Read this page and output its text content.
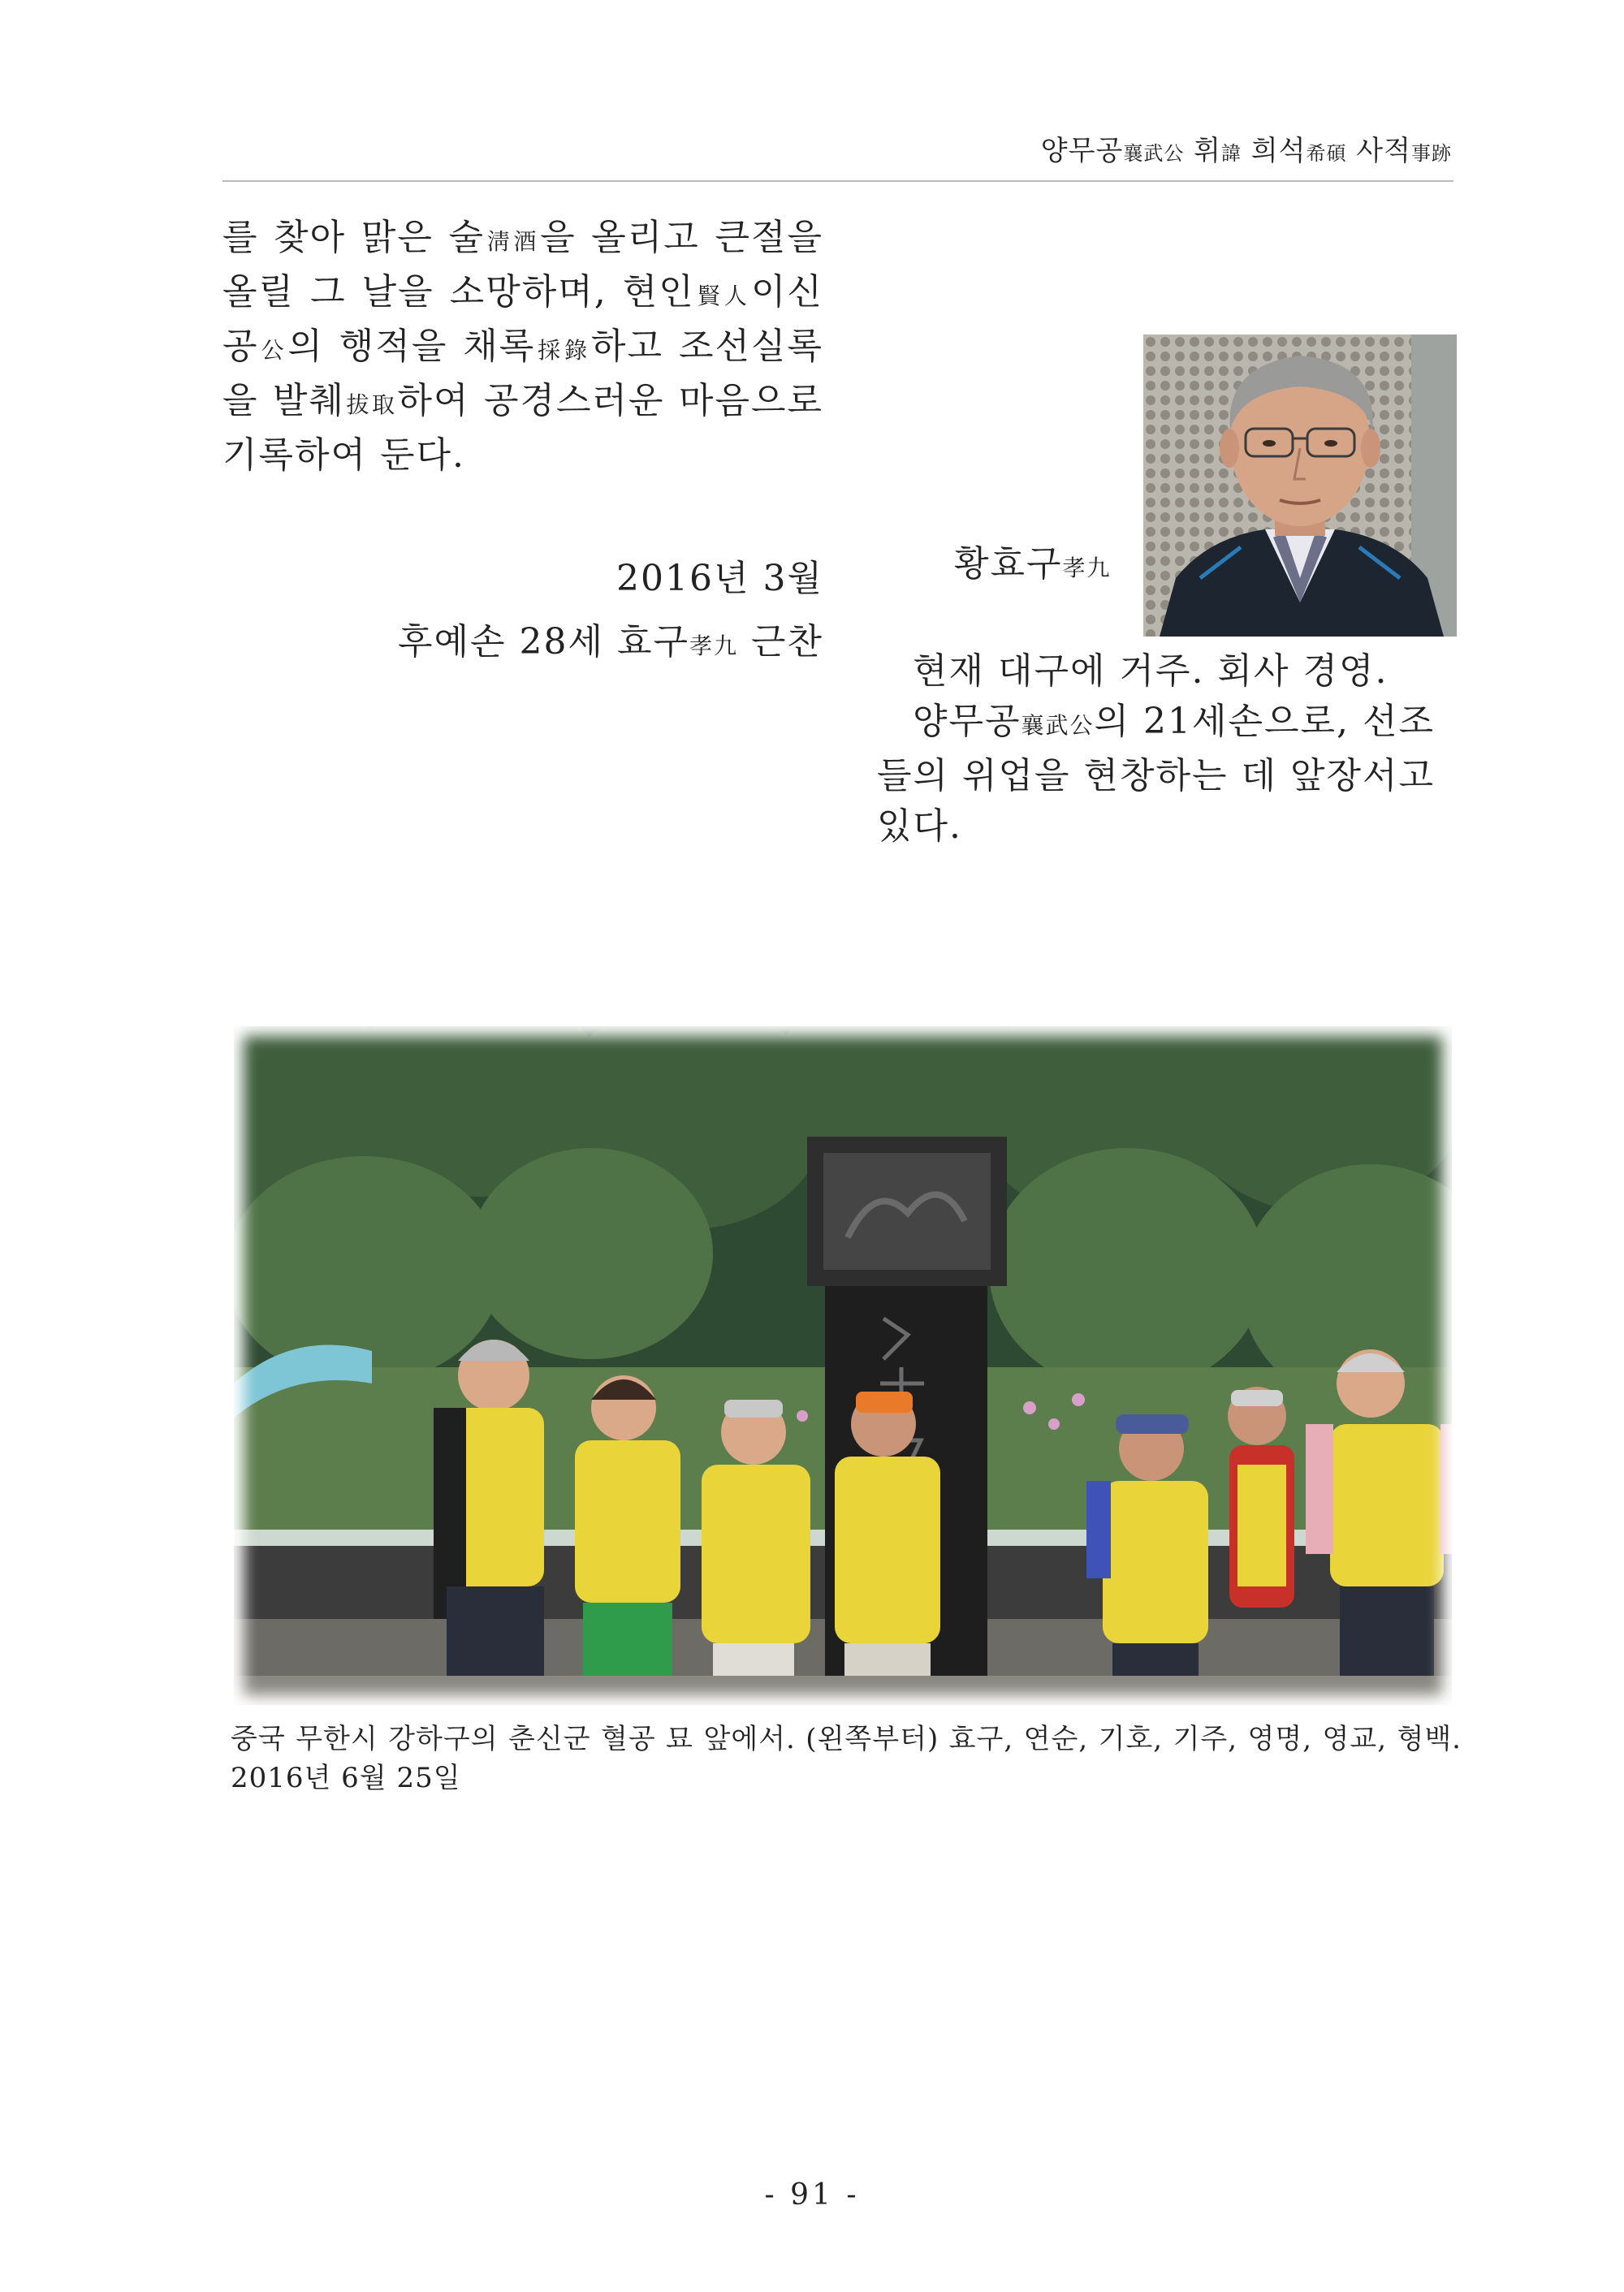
양무공襄武公 휘諱 희석希碩 사적事跡

를 찾아 맑은 술淸酒을 올리고 큰절을 올릴 그 날을 소망하며, 현인賢人이신 공公의 행적을 채록採錄하고 조선실록을 발췌拔取하여 공경스러운 마음으로 기록하여 둔다.

2016년 3월
후예손 28세 효구孝九 근찬
황효구孝九

현재 대구에 거주. 회사 경영.

양무공襄武公의 21세손으로, 선조들의 위업을 현창하는 데 앞장서고 있다.

중국 무한시 강하구의 춘신군 혈공 묘 앞에서. (왼쪽부터) 효구, 연순, 기호, 기주, 영명, 영교, 형백. 2016년 6월 25일
- 91 -
